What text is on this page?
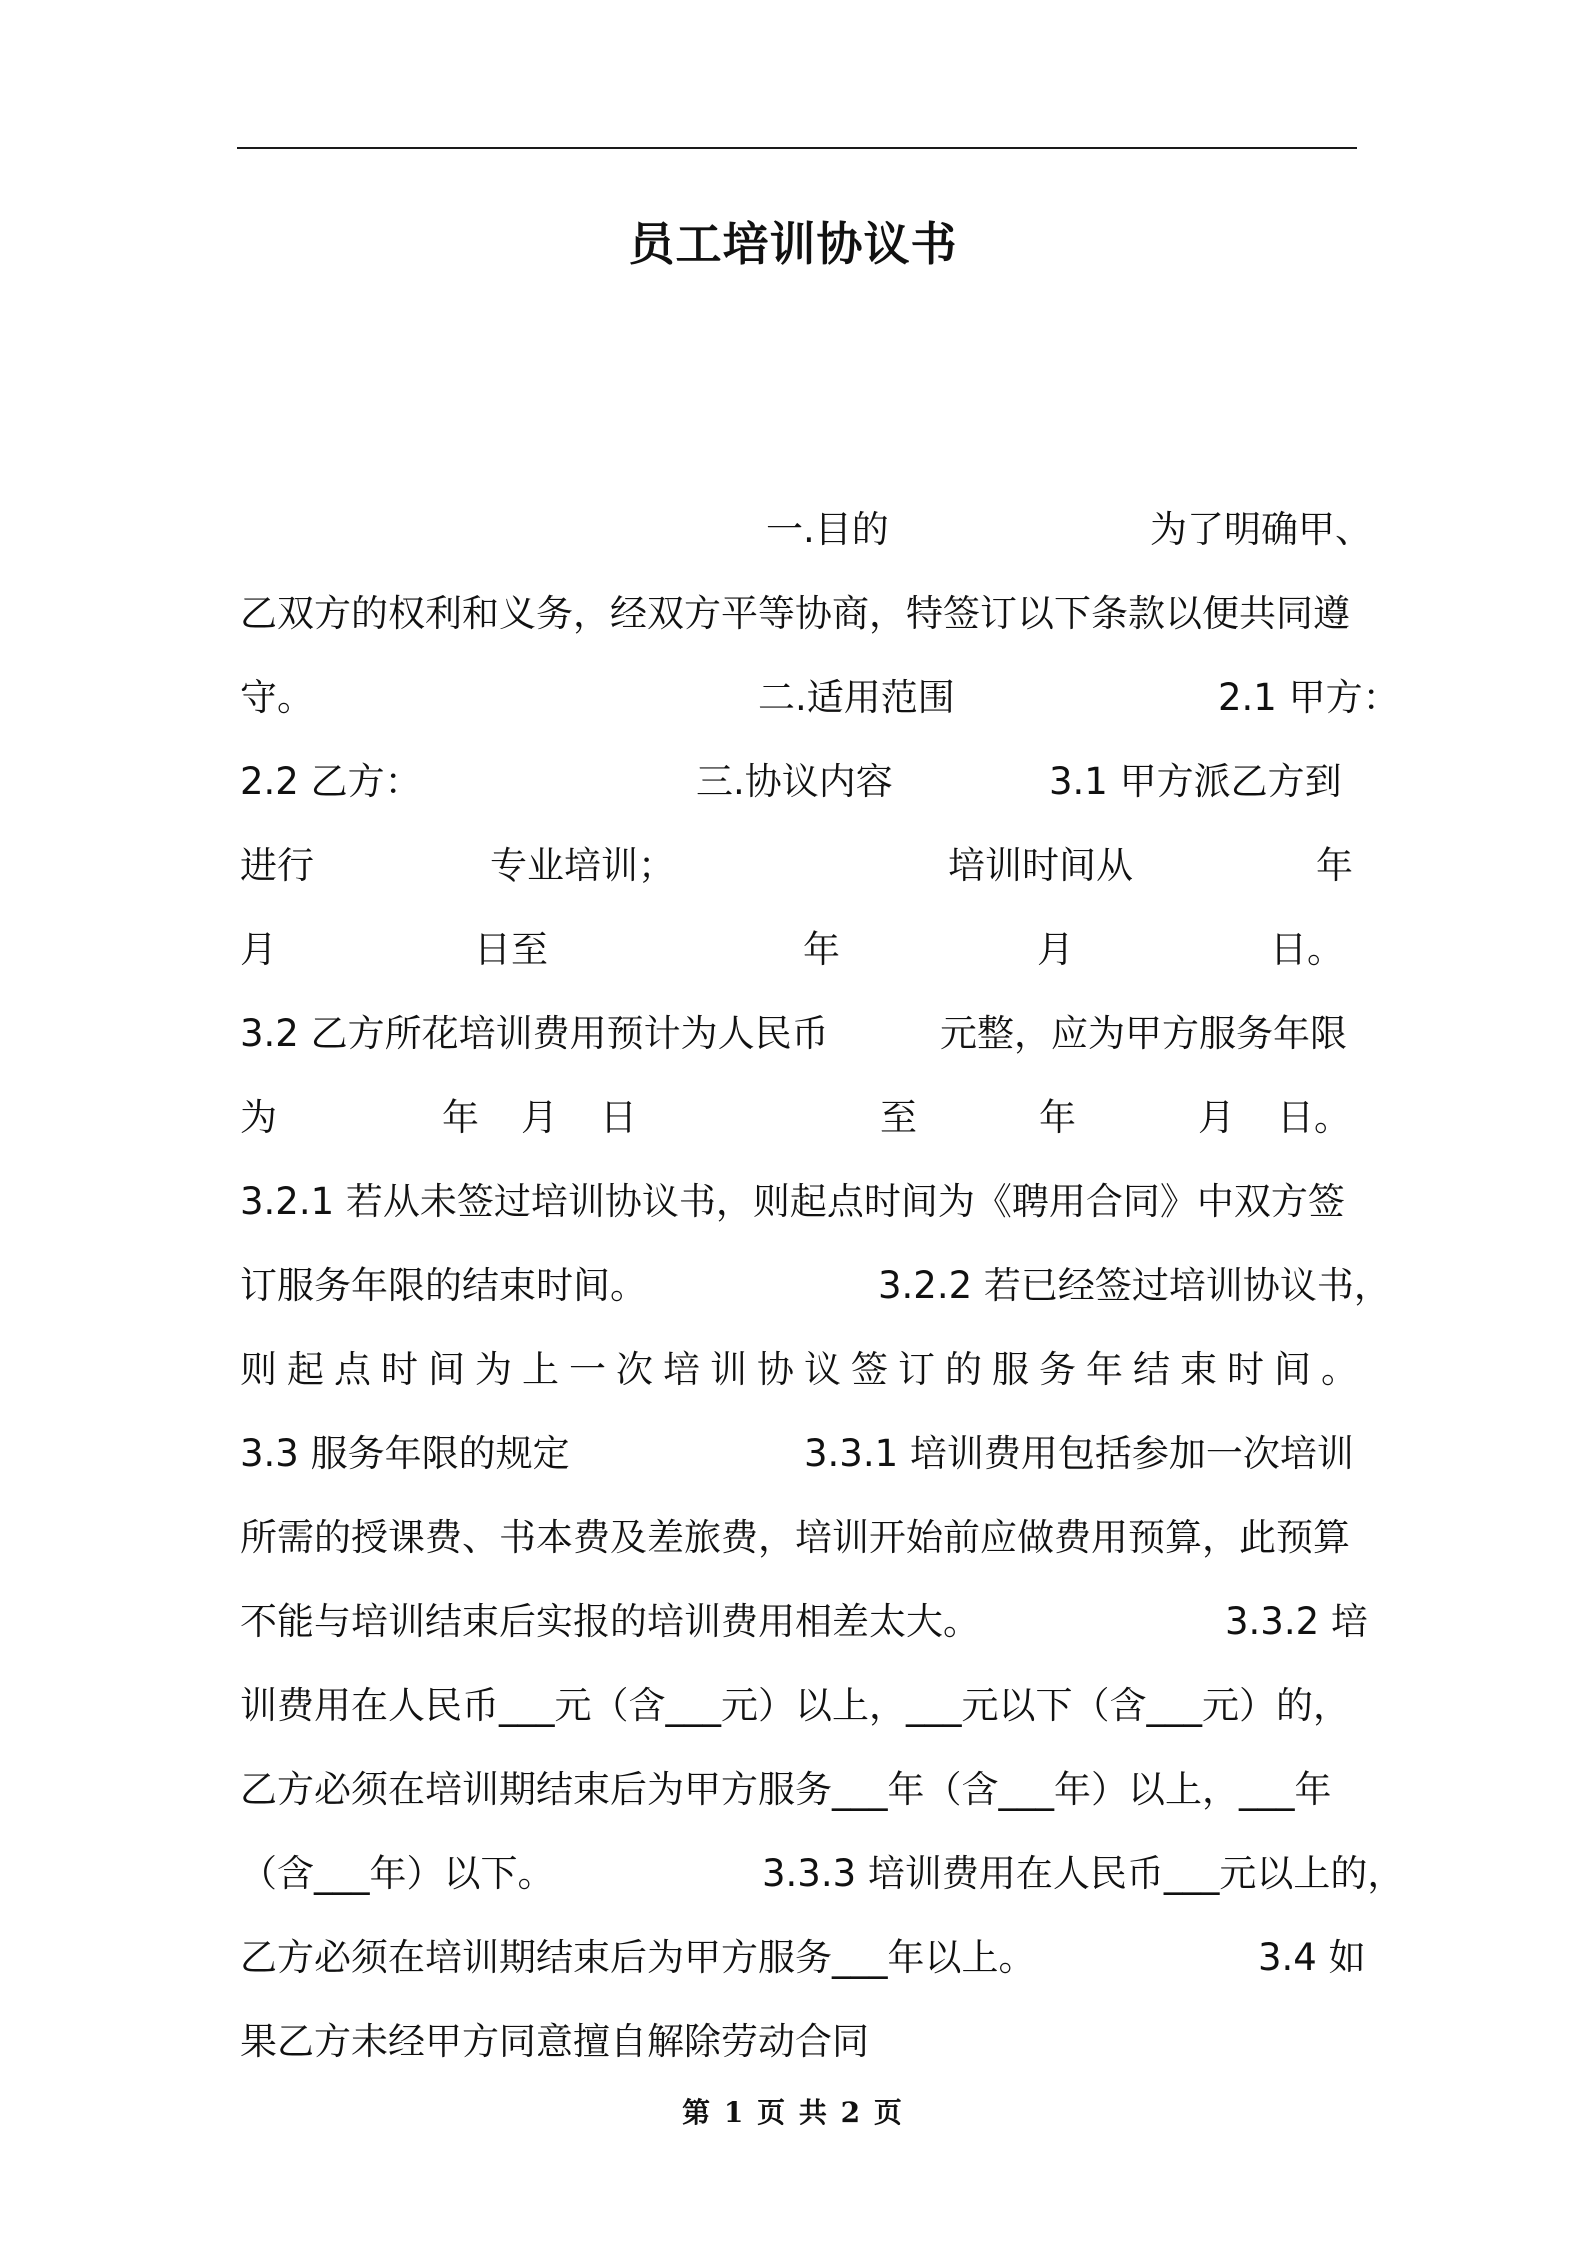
员工培训协议书
一.目的	为了明确甲、
乙双方的权利和义务，经双方平等协商，特签订以下条款以便共同遵
守。	二.适用范围	2.1 甲方：
2.2 乙方：	三.协议内容	3.1 甲方派乙方到
进行	专业培训；	培训时间从	年
月	日至	年	月	日。
3.2 乙方所花培训费用预计为人民币	元整，应为甲方服务年限
为	年 月 日	至	年	月 日。
3.2.1 若从未签过培训协议书，则起点时间为《聘用合同》中双方签
订服务年限的结束时间。	3.2.2 若已经签过培训协议书，
则起点时间为上一次培训协议签订的服务年结束时间。
3.3 服务年限的规定	3.3.1 培训费用包括参加一次培训
所需的授课费、书本费及差旅费，培训开始前应做费用预算，此预算
不能与培训结束后实报的培训费用相差太大。	3.3.2 培
训费用在人民币___元（含___元）以上，___元以下（含___元）的，
乙方必须在培训期结束后为甲方服务___年（含___年）以上，___年
（含___年）以下。	3.3.3 培训费用在人民币___元以上的，
乙方必须在培训期结束后为甲方服务___年以上。	3.4 如
果乙方未经甲方同意擅自解除劳动合同
第 1 页 共 2 页
